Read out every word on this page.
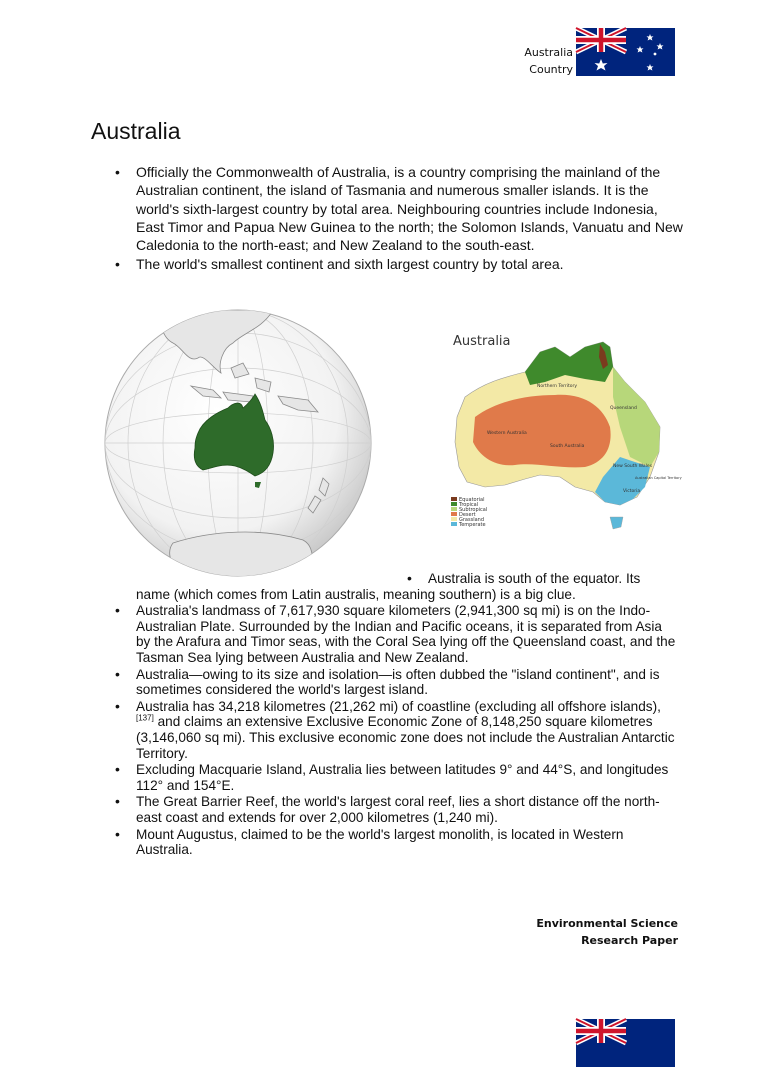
Australia
Country
Australia
• Officially the Commonwealth of Australia, is a country comprising the mainland of the Australian continent, the island of Tasmania and numerous smaller islands. It is the world's sixth-largest country by total area. Neighbouring countries include Indonesia, East Timor and Papua New Guinea to the north; the Solomon Islands, Vanuatu and New Caledonia to the north-east; and New Zealand to the south-east.
• The world's smallest continent and sixth largest country by total area.
Australia
Northern Territory
Queensland
Western Australia
South Australia
New South Wales
Victoria
Australian Capital Territory
Equatorial
Tropical
Subtropical
Desert
Grassland
Temperate
• Australia is south of the equator. Its
name (which comes from Latin australis, meaning southern) is a big clue.
• Australia's landmass of 7,617,930 square kilometers (2,941,300 sq mi) is on the Indo-Australian Plate. Surrounded by the Indian and Pacific oceans, it is separated from Asia by the Arafura and Timor seas, with the Coral Sea lying off the Queensland coast, and the Tasman Sea lying between Australia and New Zealand.
• Australia—owing to its size and isolation—is often dubbed the "island continent", and is sometimes considered the world's largest island.
• Australia has 34,218 kilometres (21,262 mi) of coastline (excluding all offshore islands),[137] and claims an extensive Exclusive Economic Zone of 8,148,250 square kilometres (3,146,060 sq mi). This exclusive economic zone does not include the Australian Antarctic Territory.
• Excluding Macquarie Island, Australia lies between latitudes 9° and 44°S, and longitudes 112° and 154°E.
• The Great Barrier Reef, the world's largest coral reef, lies a short distance off the north-east coast and extends for over 2,000 kilometres (1,240 mi).
• Mount Augustus, claimed to be the world's largest monolith, is located in Western Australia.
Environmental Science
Research Paper
